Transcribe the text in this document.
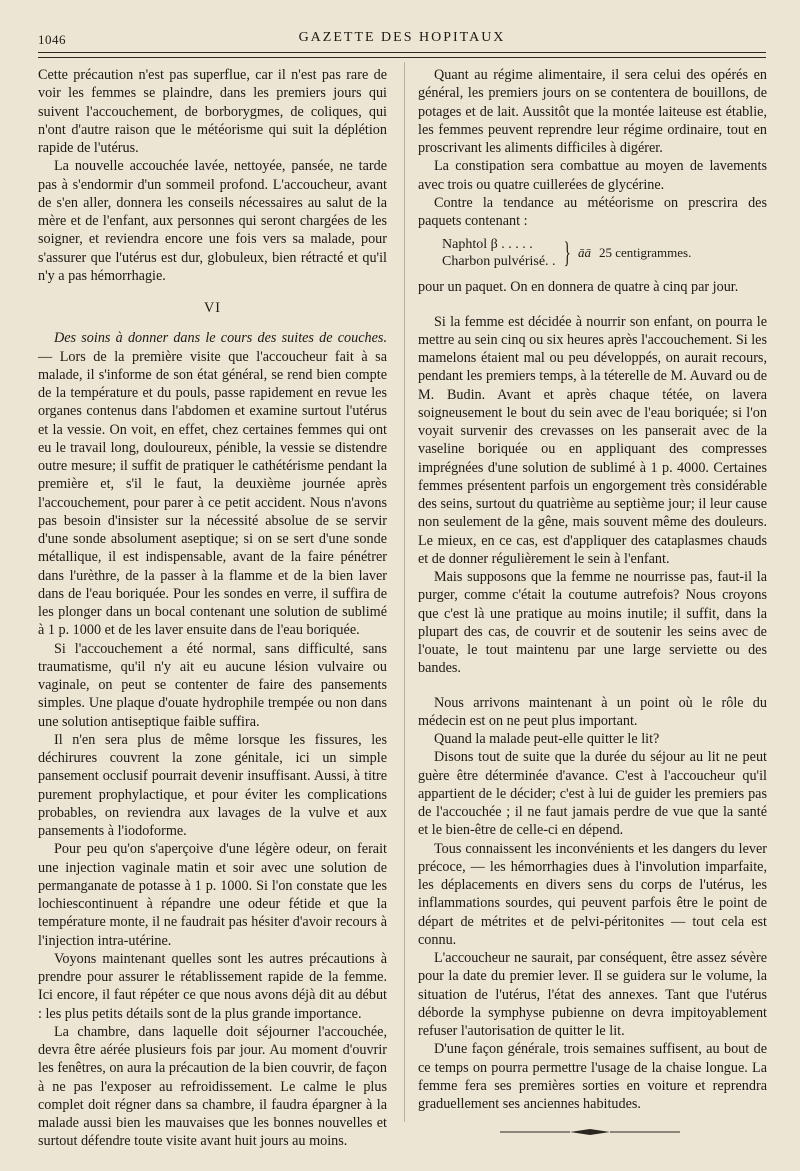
1046	GAZETTE DES HOPITAUX

Cette précaution n'est pas superflue, car il n'est pas rare de voir les femmes se plaindre, dans les premiers jours qui suivent l'accouchement, de borborygmes, de coliques, qui n'ont d'autre raison que le météorisme qui suit la déplétion rapide de l'utérus.

La nouvelle accouchée lavée, nettoyée, pansée, ne tarde pas à s'endormir d'un sommeil profond. L'accoucheur, avant de s'en aller, donnera les conseils nécessaires au salut de la mère et de l'enfant, aux personnes qui seront chargées de les soigner, et reviendra encore une fois vers sa malade, pour s'assurer que l'utérus est dur, globuleux, bien rétracté et qu'il n'y a pas hémorrhagie.

VI

Des soins à donner dans le cours des suites de couches. — Lors de la première visite que l'accoucheur fait à sa malade, il s'informe de son état général, se rend bien compte de la température et du pouls, passe rapidement en revue les organes contenus dans l'abdomen et examine surtout l'utérus et la vessie. On voit, en effet, chez certaines femmes qui ont eu le travail long, douloureux, pénible, la vessie se distendre outre mesure; il suffit de pratiquer le cathétérisme pendant la première et, s'il le faut, la deuxième journée après l'accouchement, pour parer à ce petit accident. Nous n'avons pas besoin d'insister sur la nécessité absolue de se servir d'une sonde absolument aseptique; si on se sert d'une sonde métallique, il est indispensable, avant de la faire pénétrer dans l'urèthre, de la passer à la flamme et de la bien laver dans de l'eau boriquée. Pour les sondes en verre, il suffira de les plonger dans un bocal contenant une solution de sublimé à 1 p. 1000 et de les laver ensuite dans de l'eau boriquée.

Si l'accouchement a été normal, sans difficulté, sans traumatisme, qu'il n'y ait eu aucune lésion vulvaire ou vaginale, on peut se contenter de faire des pansements simples. Une plaque d'ouate hydrophile trempée ou non dans une solution antiseptique faible suffira.

Il n'en sera plus de même lorsque les fissures, les déchirures couvrent la zone génitale, ici un simple pansement occlusif pourrait devenir insuffisant. Aussi, à titre purement prophylactique, et pour éviter les complications probables, on reviendra aux lavages de la vulve et aux pansements à l'iodoforme.

Pour peu qu'on s'aperçoive d'une légère odeur, on ferait une injection vaginale matin et soir avec une solution de permanganate de potasse à 1 p. 1000. Si l'on constate que les lochiescontinuent à répandre une odeur fétide et que la température monte, il ne faudrait pas hésiter d'avoir recours à l'injection intra-utérine.

Voyons maintenant quelles sont les autres précautions à prendre pour assurer le rétablissement rapide de la femme. Ici encore, il faut répéter ce que nous avons déjà dit au début : les plus petits détails sont de la plus grande importance.

La chambre, dans laquelle doit séjourner l'accouchée, devra être aérée plusieurs fois par jour. Au moment d'ouvrir les fenêtres, on aura la précaution de la bien couvrir, de façon à ne pas l'exposer au refroidissement. Le calme le plus complet doit régner dans sa chambre, il faudra épargner à la malade aussi bien les mauvaises que les bonnes nouvelles et surtout défendre toute visite avant huit jours au moins.

Quant au régime alimentaire, il sera celui des opérés en général, les premiers jours on se contentera de bouillons, de potages et de lait. Aussitôt que la montée laiteuse est établie, les femmes peuvent reprendre leur régime ordinaire, tout en proscrivant les aliments difficiles à digérer.

La constipation sera combattue au moyen de lavements avec trois ou quatre cuillerées de glycérine.

Contre la tendance au météorisme on prescrira des paquets contenant :

Naphtol β . . . . .
Charbon pulvérisé. . } āā 25 centigrammes.

pour un paquet. On en donnera de quatre à cinq par jour.

Si la femme est décidée à nourrir son enfant, on pourra le mettre au sein cinq ou six heures après l'accouchement. Si les mamelons étaient mal ou peu développés, on aurait recours, pendant les premiers temps, à la téterelle de M. Auvard ou de M. Budin. Avant et après chaque tétée, on lavera soigneusement le bout du sein avec de l'eau boriquée; si l'on voyait survenir des crevasses on les panserait avec de la vaseline boriquée ou en appliquant des compresses imprégnées d'une solution de sublimé à 1 p. 4000. Certaines femmes présentent parfois un engorgement très considérable des seins, surtout du quatrième au septième jour; il leur cause non seulement de la gêne, mais souvent même des douleurs. Le mieux, en ce cas, est d'appliquer des cataplasmes chauds et de donner régulièrement le sein à l'enfant.

Mais supposons que la femme ne nourrisse pas, faut-il la purger, comme c'était la coutume autrefois? Nous croyons que c'est là une pratique au moins inutile; il suffit, dans la plupart des cas, de couvrir et de soutenir les seins avec de l'ouate, le tout maintenu par une large serviette ou des bandes.

Nous arrivons maintenant à un point où le rôle du médecin est on ne peut plus important.

Quand la malade peut-elle quitter le lit?

Disons tout de suite que la durée du séjour au lit ne peut guère être déterminée d'avance. C'est à l'accoucheur qu'il appartient de le décider; c'est à lui de guider les premiers pas de l'accouchée ; il ne faut jamais perdre de vue que la santé et le bien-être de celle-ci en dépend.

Tous connaissent les inconvénients et les dangers du lever précoce, — les hémorrhagies dues à l'involution imparfaite, les déplacements en divers sens du corps de l'utérus, les inflammations sourdes, qui peuvent parfois être le point de départ de métrites et de pelvi-péritonites — tout cela est connu.

L'accoucheur ne saurait, par conséquent, être assez sévère pour la date du premier lever. Il se guidera sur le volume, la situation de l'utérus, l'état des annexes. Tant que l'utérus déborde la symphyse pubienne on devra impitoyablement refuser l'autorisation de quitter le lit.

D'une façon générale, trois semaines suffisent, au bout de ce temps on pourra permettre l'usage de la chaise longue. La femme fera ses premières sorties en voiture et reprendra graduellement ses anciennes habitudes.
